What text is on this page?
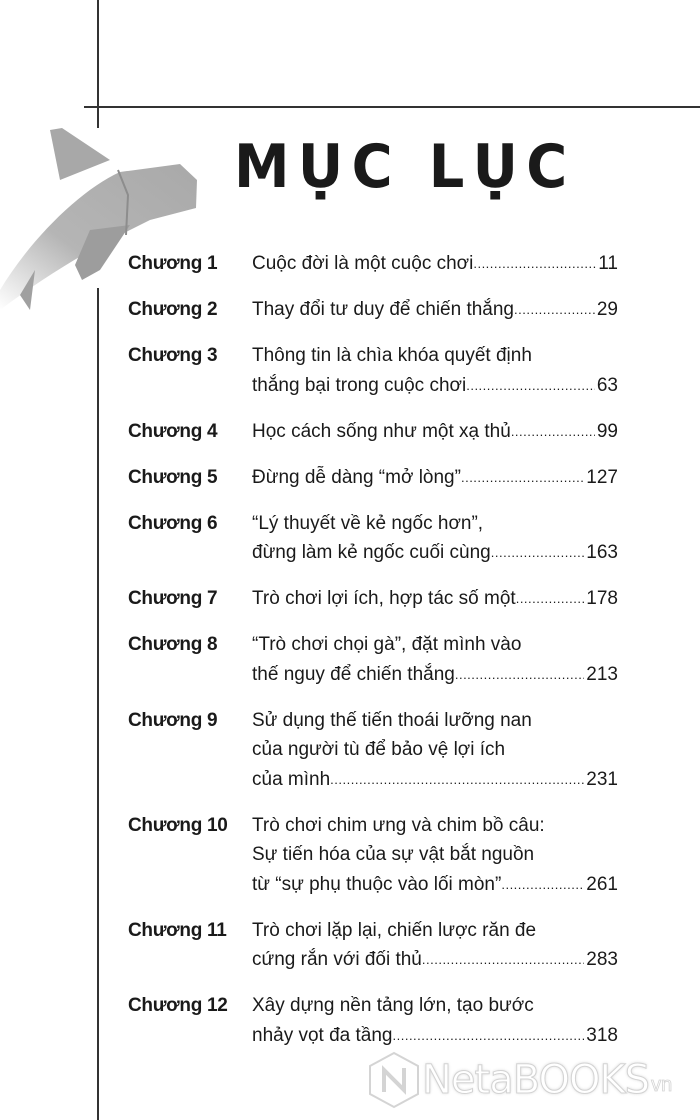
MỤC LỤC
Chương 1	Cuộc đời là một cuộc chơi .....	11
Chương 2	Thay đổi tư duy để chiến thắng .....	29
Chương 3	Thông tin là chìa khóa quyết định
thắng bại trong cuộc chơi .....	63
Chương 4	Học cách sống như một xạ thủ .....	99
Chương 5	Đừng dễ dàng “mở lòng” .....	127
Chương 6	“Lý thuyết về kẻ ngốc hơn”,
đừng làm kẻ ngốc cuối cùng .....	163
Chương 7	Trò chơi lợi ích, hợp tác số một .....	178
Chương 8	“Trò chơi chọi gà”, đặt mình vào
thế nguy để chiến thắng .....	213
Chương 9	Sử dụng thế tiến thoái lưỡng nan
của người tù để bảo vệ lợi ích
của mình .....	231
Chương 10	Trò chơi chim ưng và chim bồ câu:
Sự tiến hóa của sự vật bắt nguồn
từ “sự phụ thuộc vào lối mòn” .....	261
Chương 11	Trò chơi lặp lại, chiến lược răn đe
cứng rắn với đối thủ .....	283
Chương 12	Xây dựng nền tảng lớn, tạo bước
nhảy vọt đa tầng .....	318
NetaBOOKS vn
